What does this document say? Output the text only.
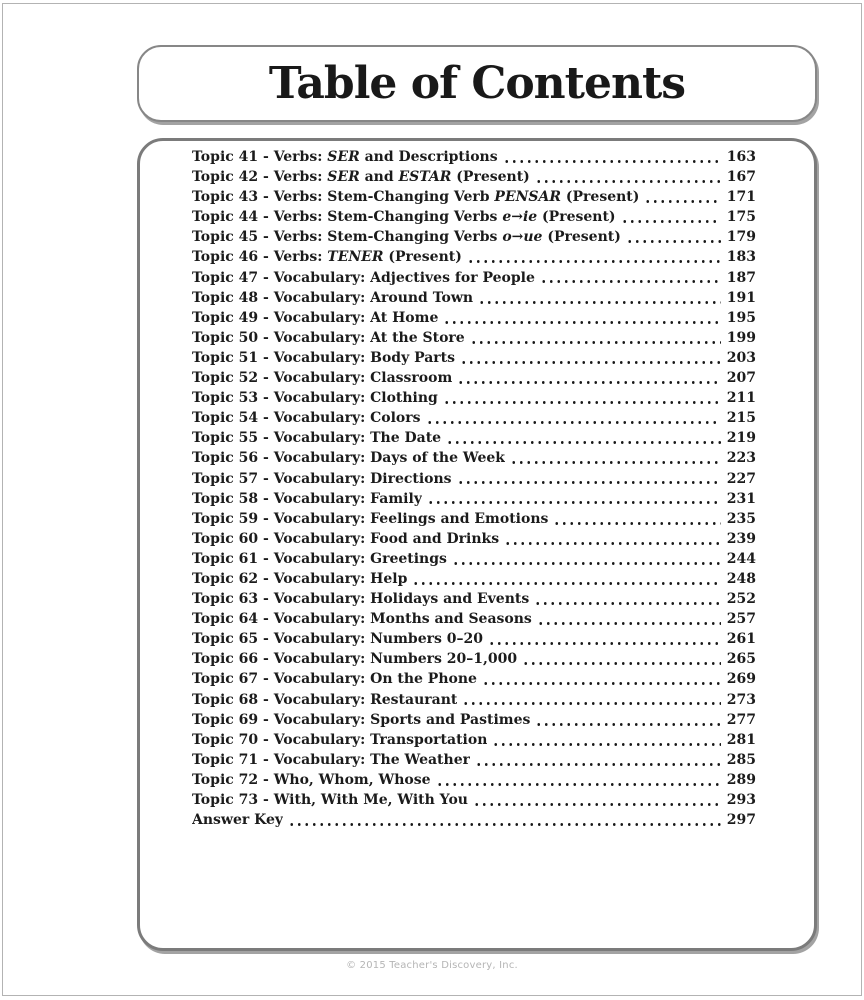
Table of Contents
Topic 41 - Verbs: SER and Descriptions	163
Topic 42 - Verbs: SER and ESTAR (Present)	167
Topic 43 - Verbs: Stem-Changing Verb PENSAR (Present)	171
Topic 44 - Verbs: Stem-Changing Verbs e→ie (Present)	175
Topic 45 - Verbs: Stem-Changing Verbs o→ue (Present)	179
Topic 46 - Verbs: TENER (Present)	183
Topic 47 - Vocabulary: Adjectives for People	187
Topic 48 - Vocabulary: Around Town	191
Topic 49 - Vocabulary: At Home	195
Topic 50 - Vocabulary: At the Store	199
Topic 51 - Vocabulary: Body Parts	203
Topic 52 - Vocabulary: Classroom	207
Topic 53 - Vocabulary: Clothing	211
Topic 54 - Vocabulary: Colors	215
Topic 55 - Vocabulary: The Date	219
Topic 56 - Vocabulary: Days of the Week	223
Topic 57 - Vocabulary: Directions	227
Topic 58 - Vocabulary: Family	231
Topic 59 - Vocabulary: Feelings and Emotions	235
Topic 60 - Vocabulary: Food and Drinks	239
Topic 61 - Vocabulary: Greetings	244
Topic 62 - Vocabulary: Help	248
Topic 63 - Vocabulary: Holidays and Events	252
Topic 64 - Vocabulary: Months and Seasons	257
Topic 65 - Vocabulary: Numbers 0–20	261
Topic 66 - Vocabulary: Numbers 20–1,000	265
Topic 67 - Vocabulary: On the Phone	269
Topic 68 - Vocabulary: Restaurant	273
Topic 69 - Vocabulary: Sports and Pastimes	277
Topic 70 - Vocabulary: Transportation	281
Topic 71 - Vocabulary: The Weather	285
Topic 72 - Who, Whom, Whose	289
Topic 73 - With, With Me, With You	293
Answer Key	297
© 2015 Teacher's Discovery, Inc.
